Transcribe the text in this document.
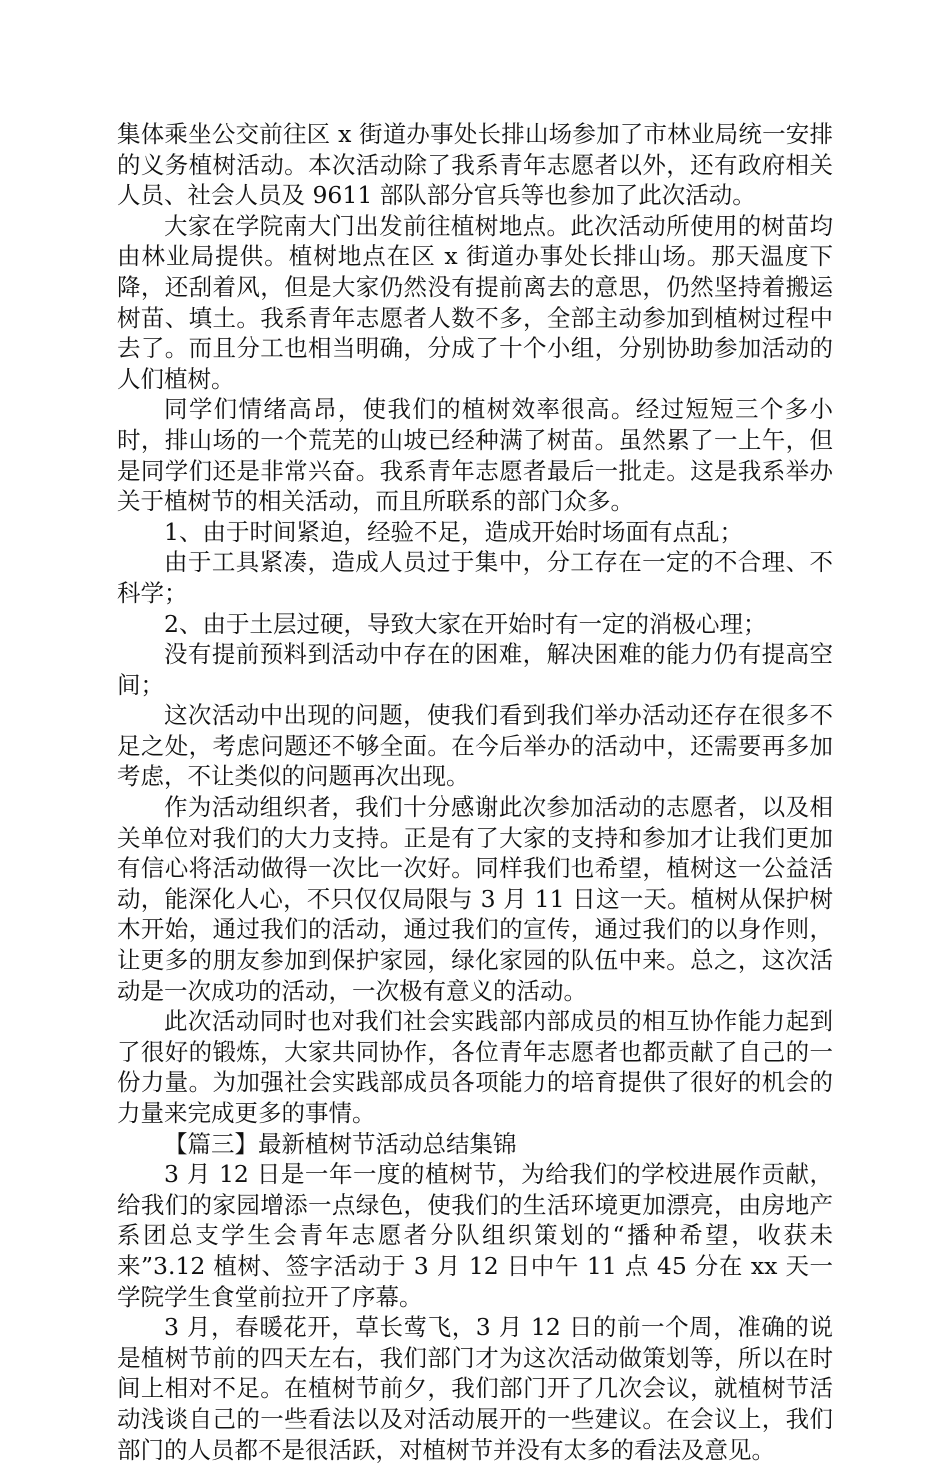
集体乘坐公交前往区 x 街道办事处长排山场参加了市林业局统一安排的义务植树活动。本次活动除了我系青年志愿者以外，还有政府相关人员、社会人员及 9611 部队部分官兵等也参加了此次活动。

大家在学院南大门出发前往植树地点。此次活动所使用的树苗均由林业局提供。植树地点在区 x 街道办事处长排山场。那天温度下降，还刮着风，但是大家仍然没有提前离去的意思，仍然坚持着搬运树苗、填土。我系青年志愿者人数不多，全部主动参加到植树过程中去了。而且分工也相当明确，分成了十个小组，分别协助参加活动的人们植树。

同学们情绪高昂，使我们的植树效率很高。经过短短三个多小时，排山场的一个荒芜的山坡已经种满了树苗。虽然累了一上午，但是同学们还是非常兴奋。我系青年志愿者最后一批走。这是我系举办关于植树节的相关活动，而且所联系的部门众多。

1、由于时间紧迫，经验不足，造成开始时场面有点乱；

由于工具紧凑，造成人员过于集中，分工存在一定的不合理、不科学；

2、由于土层过硬，导致大家在开始时有一定的消极心理；

没有提前预料到活动中存在的困难，解决困难的能力仍有提高空间；

这次活动中出现的问题，使我们看到我们举办活动还存在很多不足之处，考虑问题还不够全面。在今后举办的活动中，还需要再多加考虑，不让类似的问题再次出现。

作为活动组织者，我们十分感谢此次参加活动的志愿者，以及相关单位对我们的大力支持。正是有了大家的支持和参加才让我们更加有信心将活动做得一次比一次好。同样我们也希望，植树这一公益活动，能深化人心，不只仅仅局限与 3 月 11 日这一天。植树从保护树木开始，通过我们的活动，通过我们的宣传，通过我们的以身作则，让更多的朋友参加到保护家园，绿化家园的队伍中来。总之，这次活动是一次成功的活动，一次极有意义的活动。

此次活动同时也对我们社会实践部内部成员的相互协作能力起到了很好的锻炼，大家共同协作，各位青年志愿者也都贡献了自己的一份力量。为加强社会实践部成员各项能力的培育提供了很好的机会的力量来完成更多的事情。

【篇三】最新植树节活动总结集锦

3 月 12 日是一年一度的植树节，为给我们的学校进展作贡献，给我们的家园增添一点绿色，使我们的生活环境更加漂亮，由房地产系团总支学生会青年志愿者分队组织策划的“播种希望，收获未来”3.12 植树、签字活动于 3 月 12 日中午 11 点 45 分在 xx 天一学院学生食堂前拉开了序幕。

3 月，春暖花开，草长莺飞，3 月 12 日的前一个周，准确的说是植树节前的四天左右，我们部门才为这次活动做策划等，所以在时间上相对不足。在植树节前夕，我们部门开了几次会议，就植树节活动浅谈自己的一些看法以及对活动展开的一些建议。在会议上，我们部门的人员都不是很活跃，对植树节并没有太多的看法及意见。
